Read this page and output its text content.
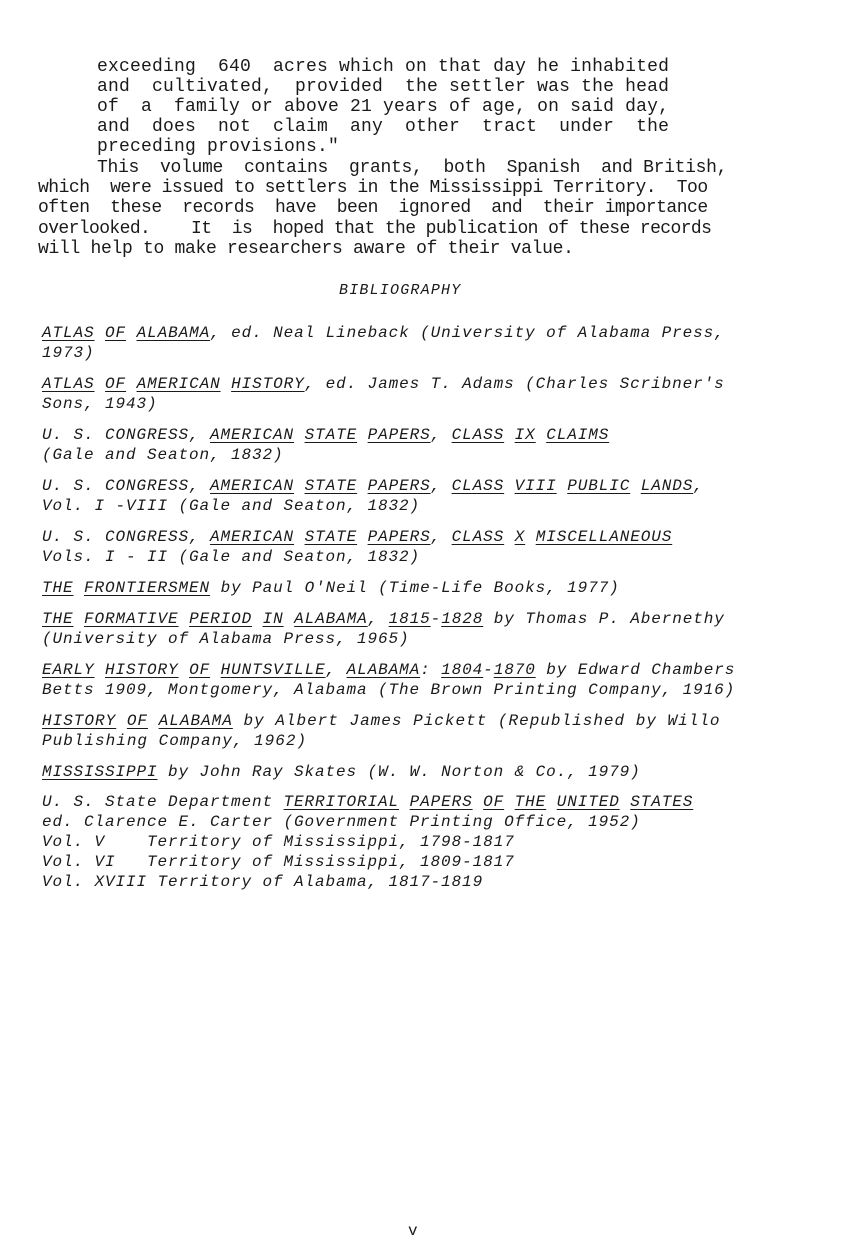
exceeding  640  acres which on that day he inhabited
and  cultivated,  provided  the settler was the head
of  a  family or above 21 years of age, on said day,
and  does  not  claim  any  other  tract  under  the
preceding provisions."
This  volume  contains  grants,  both  Spanish  and British,
which  were issued to settlers in the Mississippi Territory.  Too
often  these  records  have  been  ignored  and  their importance
overlooked.    It  is  hoped that the publication of these records
will help to make researchers aware of their value.
BIBLIOGRAPHY
ATLAS OF ALABAMA, ed. Neal Lineback (University of Alabama Press,
1973)
ATLAS OF AMERICAN HISTORY, ed. James T. Adams (Charles Scribner's
Sons, 1943)
U. S. CONGRESS, AMERICAN STATE PAPERS, CLASS IX CLAIMS
(Gale and Seaton, 1832)
U. S. CONGRESS, AMERICAN STATE PAPERS, CLASS VIII PUBLIC LANDS,
Vol. I -VIII (Gale and Seaton, 1832)
U. S. CONGRESS, AMERICAN STATE PAPERS, CLASS X MISCELLANEOUS
Vols. I - II (Gale and Seaton, 1832)
THE FRONTIERSMEN by Paul O'Neil (Time-Life Books, 1977)
THE FORMATIVE PERIOD IN ALABAMA, 1815-1828 by Thomas P. Abernethy
(University of Alabama Press, 1965)
EARLY HISTORY OF HUNTSVILLE, ALABAMA: 1804-1870 by Edward Chambers
Betts 1909, Montgomery, Alabama (The Brown Printing Company, 1916)
HISTORY OF ALABAMA by Albert James Pickett (Republished by Willo
Publishing Company, 1962)
MISSISSIPPI by John Ray Skates (W. W. Norton & Co., 1979)
U. S. State Department TERRITORIAL PAPERS OF THE UNITED STATES
ed. Clarence E. Carter (Government Printing Office, 1952)
Vol. V    Territory of Mississippi, 1798-1817
Vol. VI   Territory of Mississippi, 1809-1817
Vol. XVIII Territory of Alabama, 1817-1819
v
